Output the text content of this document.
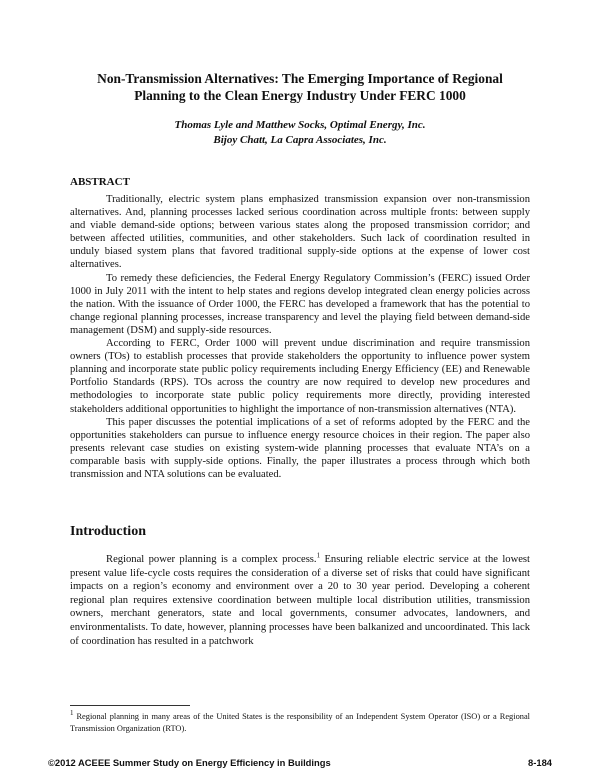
Non-Transmission Alternatives: The Emerging Importance of Regional
Planning to the Clean Energy Industry Under FERC 1000
Thomas Lyle and Matthew Socks, Optimal Energy, Inc.
Bijoy Chatt, La Capra Associates, Inc.
ABSTRACT

Traditionally, electric system plans emphasized transmission expansion over non-transmission alternatives. And, planning processes lacked serious coordination across multiple fronts: between supply and viable demand-side options; between various states along the proposed transmission corridor; and between affected utilities, communities, and other stakeholders. Such lack of coordination resulted in unduly biased system plans that favored traditional supply-side options at the expense of lower cost alternatives.

To remedy these deficiencies, the Federal Energy Regulatory Commission’s (FERC) issued Order 1000 in July 2011 with the intent to help states and regions develop integrated clean energy policies across the nation. With the issuance of Order 1000, the FERC has developed a framework that has the potential to change regional planning processes, increase transparency and level the playing field between demand-side management (DSM) and supply-side resources.

According to FERC, Order 1000 will prevent undue discrimination and require transmission owners (TOs) to establish processes that provide stakeholders the opportunity to influence power system planning and incorporate state public policy requirements including Energy Efficiency (EE) and Renewable Portfolio Standards (RPS). TOs across the country are now required to develop new procedures and methodologies to incorporate state public policy requirements more directly, providing interested stakeholders additional opportunities to highlight the importance of non-transmission alternatives (NTA).

This paper discusses the potential implications of a set of reforms adopted by the FERC and the opportunities stakeholders can pursue to influence energy resource choices in their region. The paper also presents relevant case studies on existing system-wide planning processes that evaluate NTA’s on a comparable basis with supply-side options. Finally, the paper illustrates a process through which both transmission and NTA solutions can be evaluated.

Introduction

Regional power planning is a complex process.$^1$ Ensuring reliable electric service at the lowest present value life-cycle costs requires the consideration of a diverse set of risks that could have significant impacts on a region’s economy and environment over a 20 to 30 year period. Developing a coherent regional plan requires extensive coordination between multiple local distribution utilities, transmission owners, merchant generators, state and local governments, consumer advocates, landowners, and environmentalists. To date, however, planning processes have been balkanized and uncoordinated. This lack of coordination has resulted in a patchwork

$^1$ Regional planning in many areas of the United States is the responsibility of an Independent System Operator (ISO) or a Regional Transmission Organization (RTO).
©2012 ACEEE Summer Study on Energy Efficiency in Buildings	8-184
